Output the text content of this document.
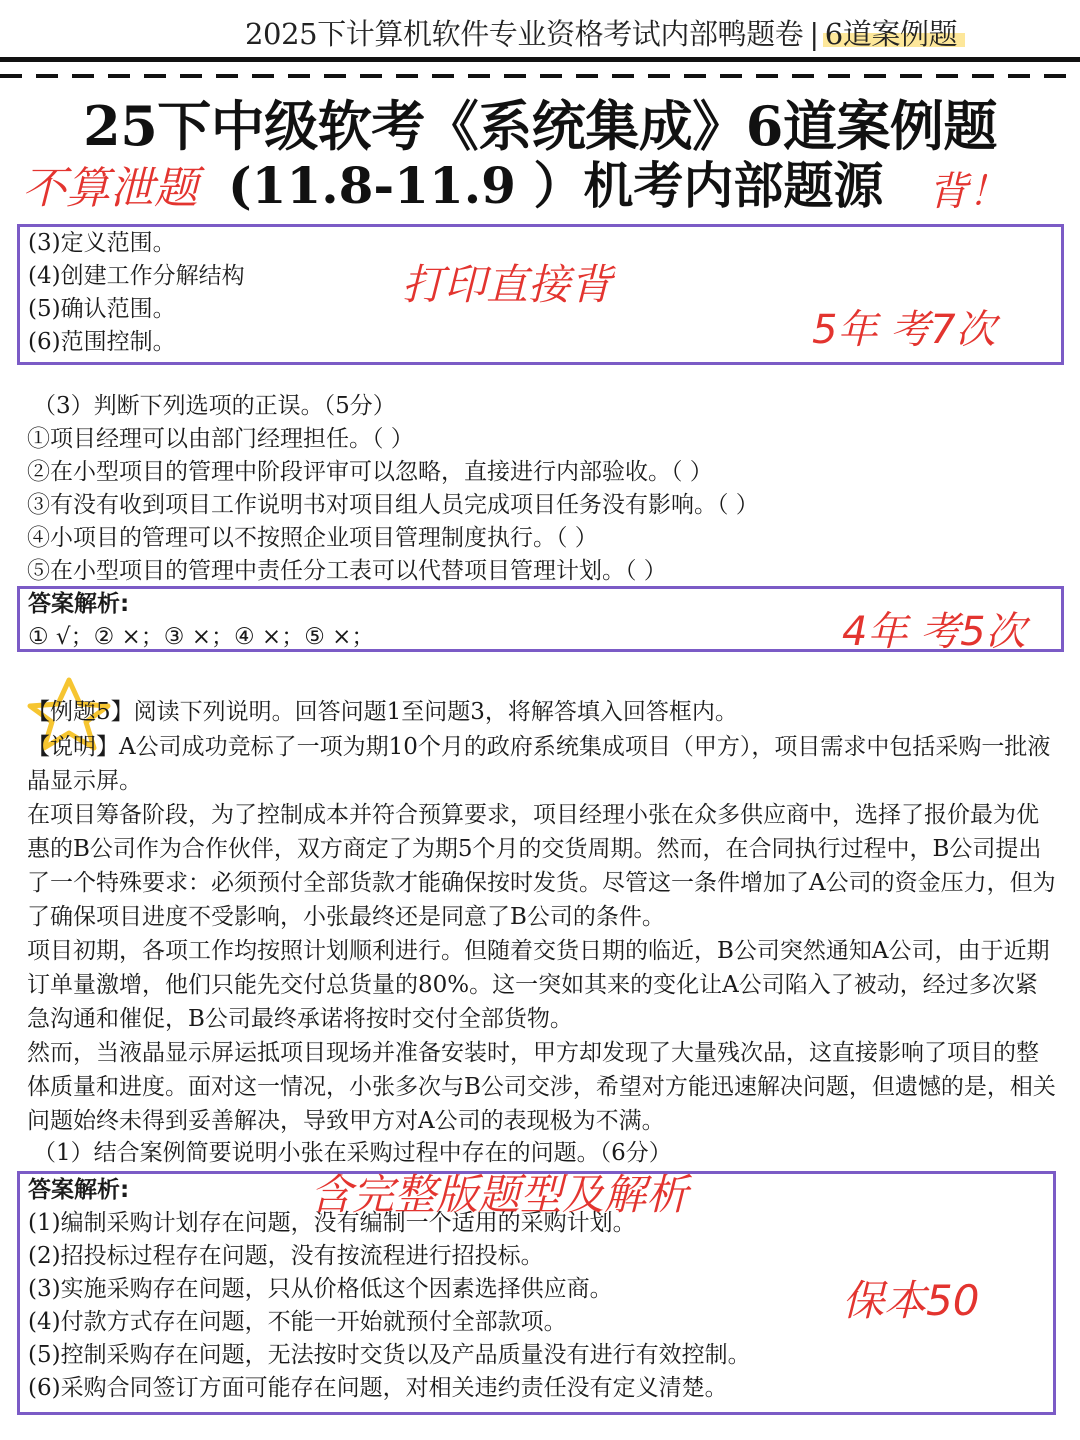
2025下计算机软件专业资格考试内部鸭题卷 | 6道案例题
25下中级软考《系统集成》6道案例题
不算泄题 (11.8-11.9 ）机考内部题源 背！
(3)定义范围。
(4)创建工作分解结构
(5)确认范围。
(6)范围控制。
打印直接背
5年 考7次
（3）判断下列选项的正误。（5分）
①项目经理可以由部门经理担任。（ ）
②在小型项目的管理中阶段评审可以忽略，直接进行内部验收。（ ）
③有没有收到项目工作说明书对项目组人员完成项目任务没有影响。（ ）
④小项目的管理可以不按照企业项目管理制度执行。（ ）
⑤在小型项目的管理中责任分工表可以代替项目管理计划。（ ）
答案解析:
① √；② ×；③ ×；④ ×；⑤ ×；	4年 考5次
【例题5】阅读下列说明。回答问题1至问题3，将解答填入回答框内。
【说明】A公司成功竞标了一项为期10个月的政府系统集成项目（甲方），项目需求中包括采购一批液晶显示屏。
在项目筹备阶段，为了控制成本并符合预算要求，项目经理小张在众多供应商中，选择了报价最为优惠的B公司作为合作伙伴，双方商定了为期5个月的交货周期。然而，在合同执行过程中，B公司提出了一个特殊要求：必须预付全部货款才能确保按时发货。尽管这一条件增加了A公司的资金压力，但为了确保项目进度不受影响，小张最终还是同意了B公司的条件。
项目初期，各项工作均按照计划顺利进行。但随着交货日期的临近，B公司突然通知A公司，由于近期订单量激增，他们只能先交付总货量的80%。这一突如其来的变化让A公司陷入了被动，经过多次紧急沟通和催促，B公司最终承诺将按时交付全部货物。
然而，当液晶显示屏运抵项目现场并准备安装时，甲方却发现了大量残次品，这直接影响了项目的整体质量和进度。面对这一情况，小张多次与B公司交涉，希望对方能迅速解决问题，但遗憾的是，相关问题始终未得到妥善解决，导致甲方对A公司的表现极为不满。
（1）结合案例简要说明小张在采购过程中存在的问题。（6分）
答案解析:
(1)编制采购计划存在问题，没有编制一个适用的采购计划。
(2)招投标过程存在问题，没有按流程进行招投标。
(3)实施采购存在问题，只从价格低这个因素选择供应商。
(4)付款方式存在问题，不能一开始就预付全部款项。
(5)控制采购存在问题，无法按时交货以及产品质量没有进行有效控制。
(6)采购合同签订方面可能存在问题，对相关违约责任没有定义清楚。
含完整版题型及解析
保本50
